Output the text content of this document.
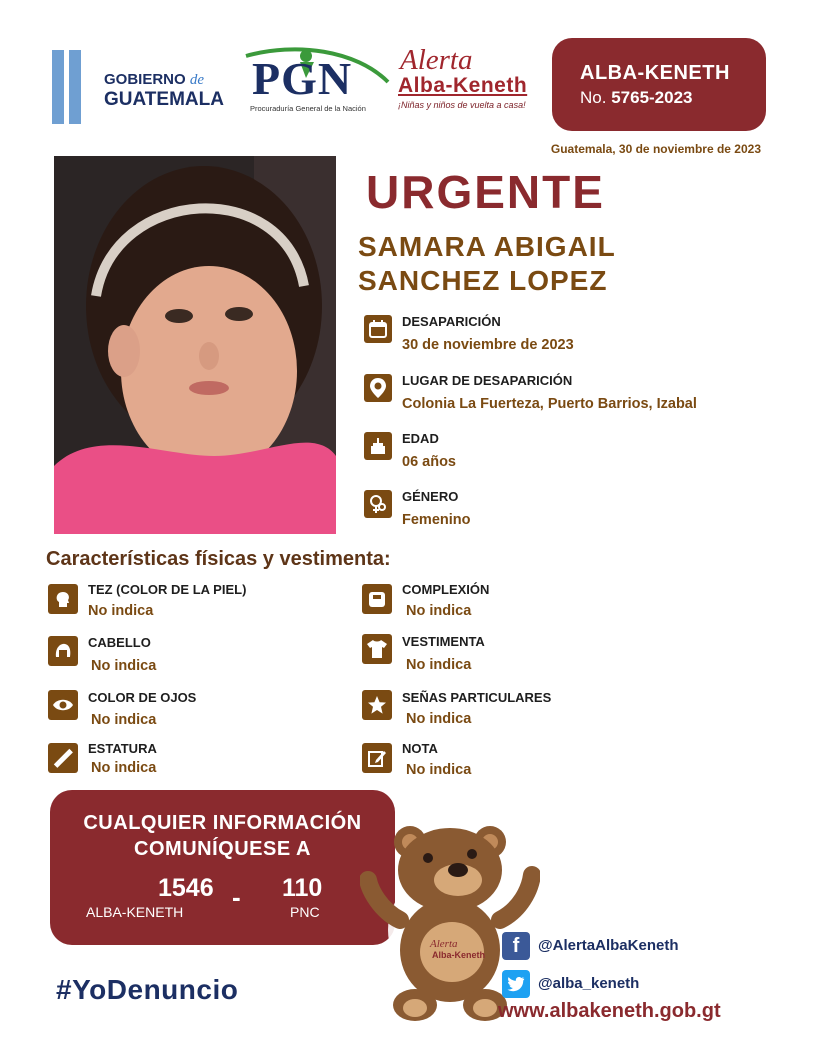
GOBIERNO de
GUATEMALA PGN
Procuraduría General de la Nación
Alerta
Alba-Keneth
¡Niñas y niños de vuelta a casa!
ALBA-KENETH
No. 5765-2023
Guatemala, 30 de noviembre de 2023
URGENTE
SAMARA ABIGAIL
SANCHEZ LOPEZ
DESAPARICIÓN
30 de noviembre de 2023
LUGAR DE DESAPARICIÓN
Colonia La Fuerteza, Puerto Barrios, Izabal
EDAD
06 años
GÉNERO
Femenino
Características físicas y vestimenta:
TEZ (COLOR DE LA PIEL)
No indica
CABELLO
No indica
COLOR DE OJOS
No indica
ESTATURA
No indica
COMPLEXIÓN
No indica
VESTIMENTA
No indica
SEÑAS PARTICULARES
No indica
NOTA
No indica
CUALQUIER INFORMACIÓN
COMUNÍQUESE A
1546
ALBA-KENETH - 110
PNC
Alerta
Alba-Keneth
#YoDenuncio
f	@AlertaAlbaKeneth
@alba_keneth
www.albakeneth.gob.gt
